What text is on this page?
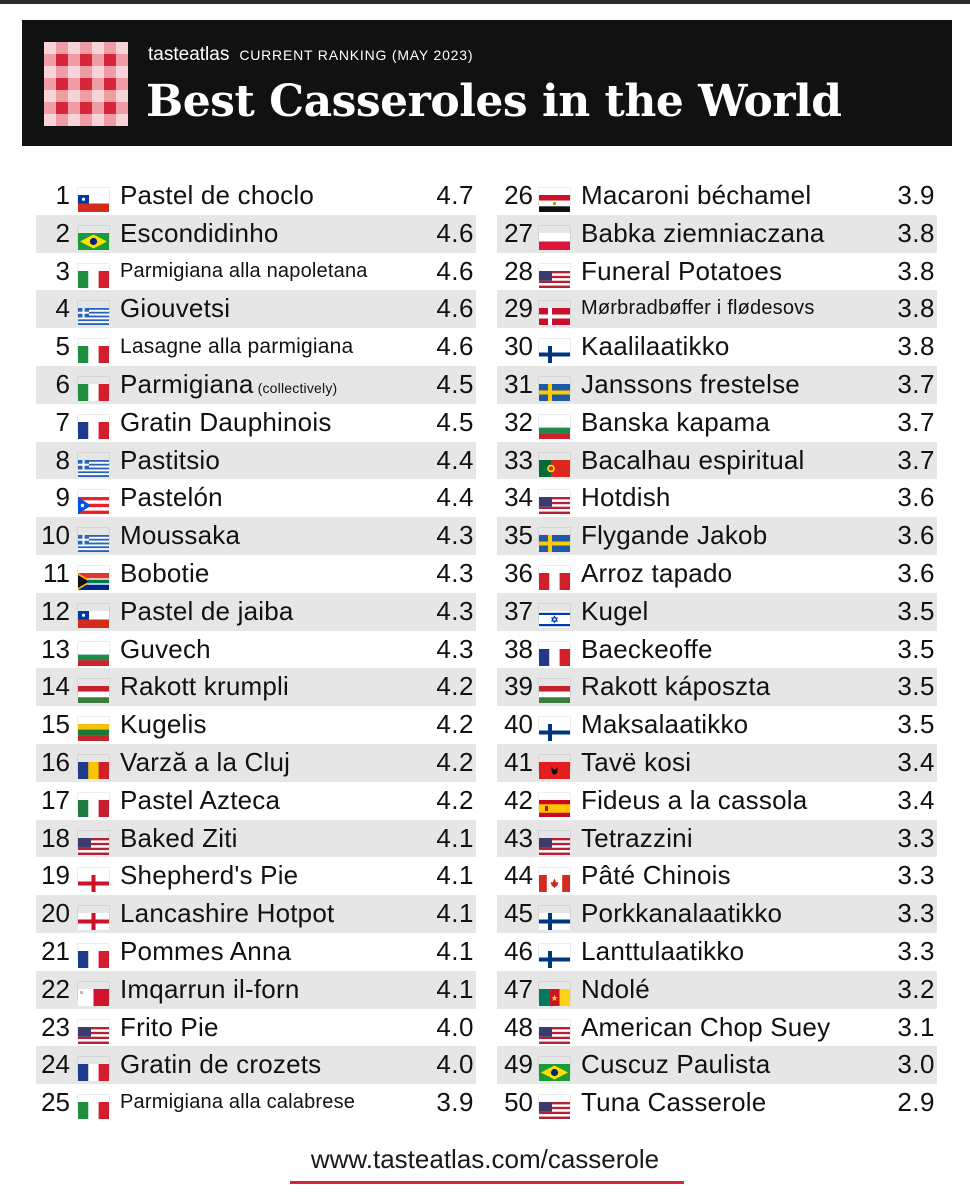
tasteatlas CURRENT RANKING (MAY 2023)
Best Casseroles in the World
1 Pastel de choclo	4.7
2 Escondidinho	4.6
3	Parmigiana alla napoletana	4.6
4 Giouvetsi	4.6
5 Lasagne alla parmigiana	4.6
6 Parmigiana (collectively)	4.5
7 Gratin Dauphinois	4.5
8 Pastitsio	4.4
9 Pastelón	4.4
10 Moussaka	4.3
11 Bobotie	4.3
12 Pastel de jaiba	4.3
13 Guvech	4.3
14 Rakott krumpli	4.2
15 Kugelis	4.2
16 Varză a la Cluj	4.2
17 Pastel Azteca	4.2
18 Baked Ziti	4.1
19 Shepherd's Pie	4.1
20 Lancashire Hotpot	4.1
21 Pommes Anna	4.1
22 Imqarrun il-forn	4.1
23 Frito Pie	4.0
24 Gratin de crozets	4.0
25	Parmigiana alla calabrese	3.9
26 Macaroni béchamel	3.9
27 Babka ziemniaczana	3.8
28 Funeral Potatoes	3.8
29 Mørbradbøffer i flødesovs	3.8
30 Kaalilaatikko	3.8
31 Janssons frestelse	3.7
32 Banska kapama	3.7
33 Bacalhau espiritual	3.7
34 Hotdish	3.6
35 Flygande Jakob	3.6
36 Arroz tapado	3.6
37 Kugel	3.5
38 Baeckeoffe	3.5
39 Rakott káposzta	3.5
40 Maksalaatikko	3.5
41 Tavë kosi	3.4
42 Fideus a la cassola	3.4
43 Tetrazzini	3.3
44 Pâté Chinois	3.3
45 Porkkanalaatikko	3.3
46 Lanttulaatikko	3.3
47 Ndolé	3.2
48 American Chop Suey	3.1
49 Cuscuz Paulista	3.0
50 Tuna Casserole	2.9
www.tasteatlas.com/casserole
